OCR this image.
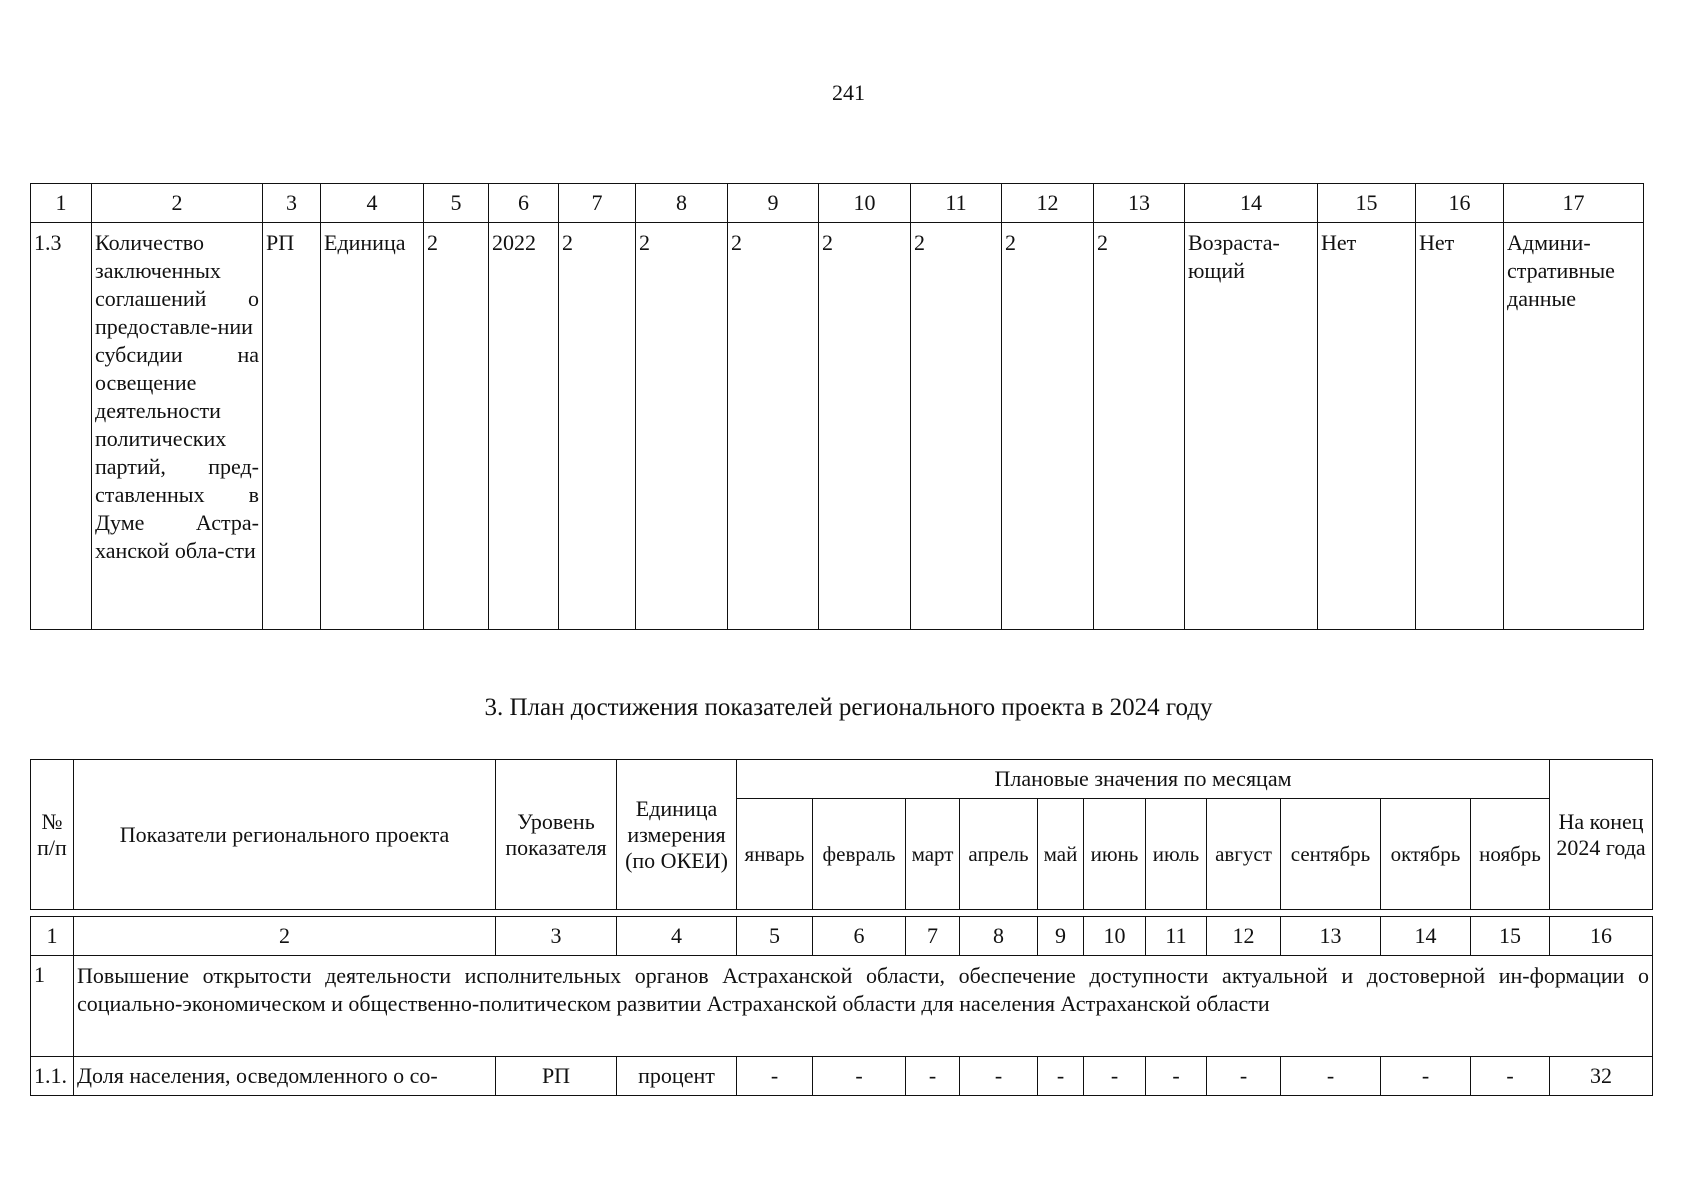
241
1	2	3	4	5	6	7	8	9	10	11	12	13	14	15	16	17
1.3	Количество заключенных соглашений о предоставле-нии субсидии на освещение деятельности политических партий, пред-ставленных в Думе Астра-ханской обла-сти	РП	Единица	2	2022	2	2	2	2	2	2	2	Возраста-ющий	Нет	Нет	Админи-стративные данные
3. План достижения показателей регионального проекта в 2024 году
№ п/п	Показатели регионального проекта	Уровень показателя	Единица измерения (по ОКЕИ)	Плановые значения по месяцам											На конец 2024 года
				январь	февраль	март	апрель	май	июнь	июль	август	сентябрь	октябрь	ноябрь	

1	2	3	4	5	6	7	8	9	10	11	12	13	14	15	16
1	Повышение открытости деятельности исполнительных органов Астраханской области, обеспечение доступности актуальной и достоверной ин-формации о социально-экономическом и общественно-политическом развитии Астраханской области для населения Астраханской области														
1.1.	Доля населения, осведомленного о со-	РП	процент	-	-	-	-	-	-	-	-	-	-	-	32
